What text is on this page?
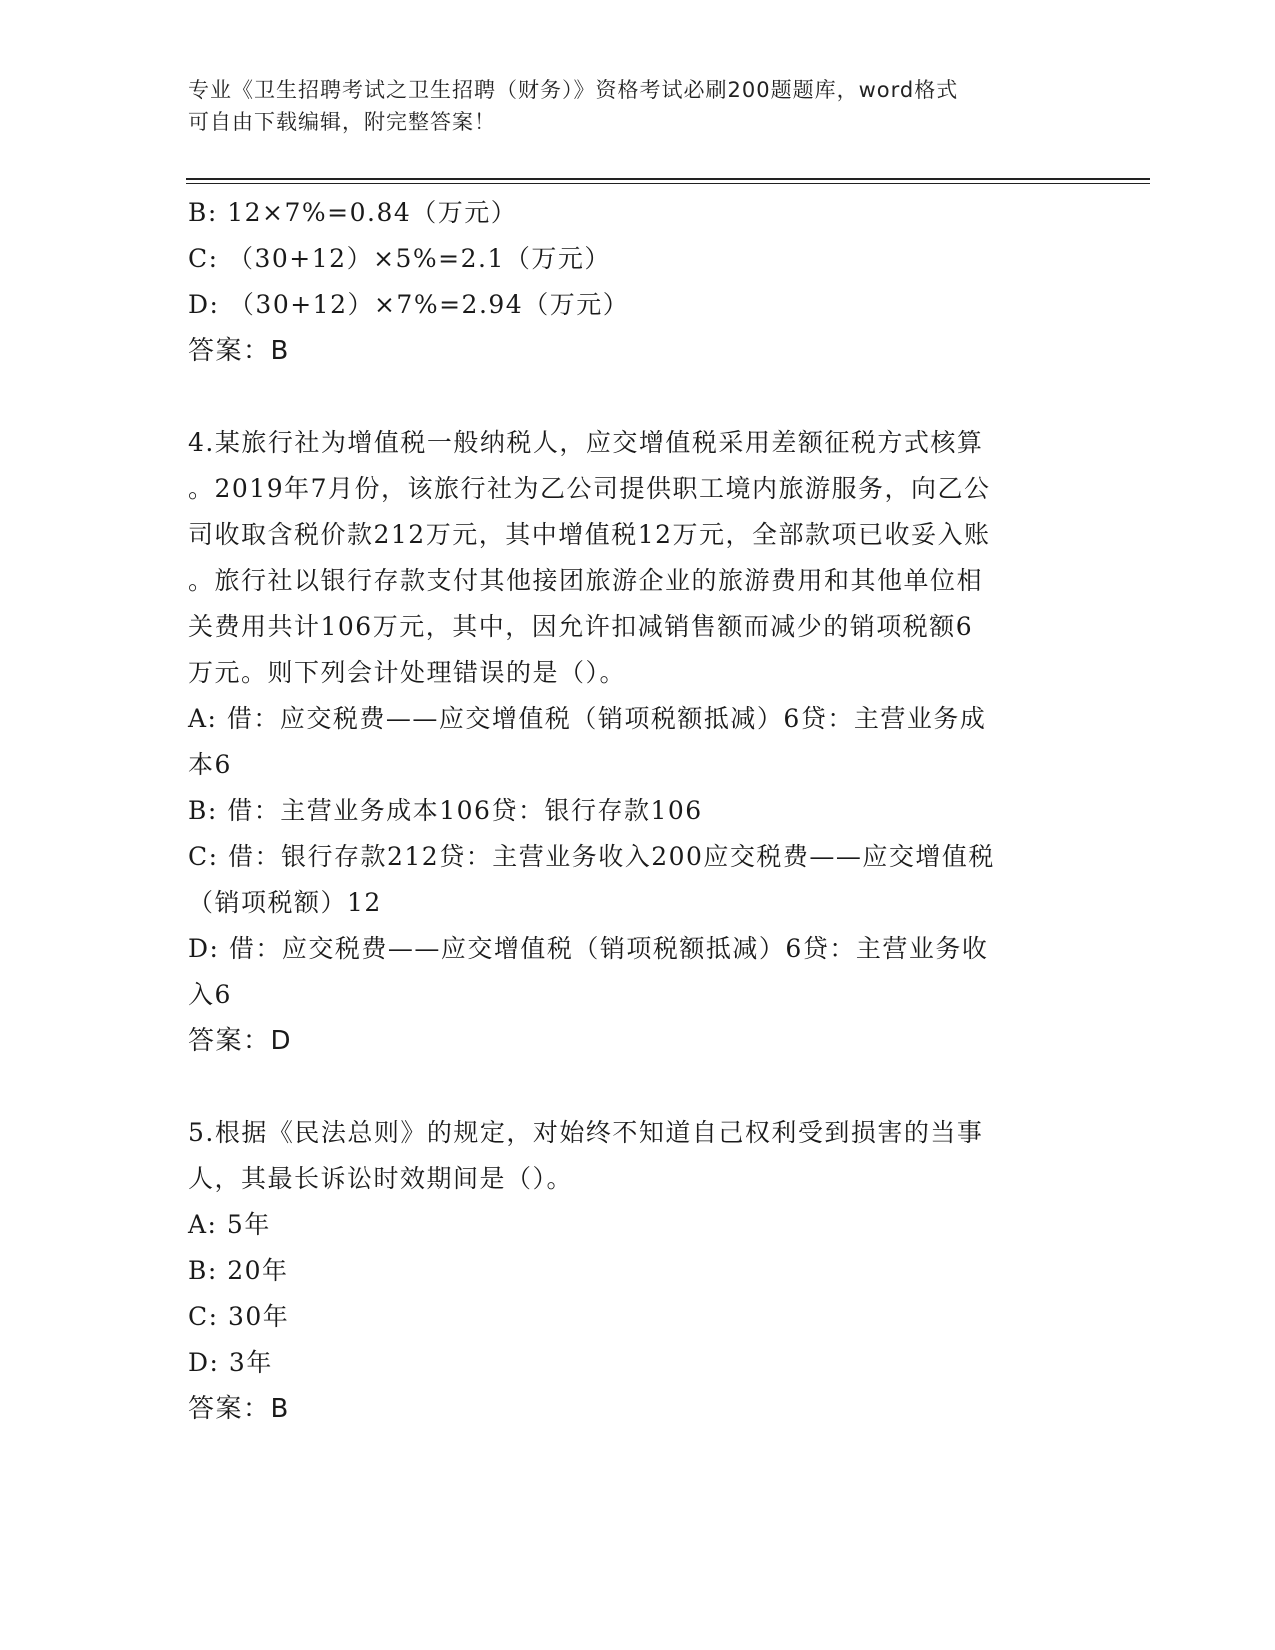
专业《卫生招聘考试之卫生招聘（财务）》资格考试必刷200题题库，word格式
可自由下载编辑，附完整答案！
B: 12×7%=0.84（万元）
C: （30+12）×5%=2.1（万元）
D: （30+12）×7%=2.94（万元）
答案：B
4.某旅行社为增值税一般纳税人，应交增值税采用差额征税方式核算
。2019年7月份，该旅行社为乙公司提供职工境内旅游服务，向乙公
司收取含税价款212万元，其中增值税12万元，全部款项已收妥入账
。旅行社以银行存款支付其他接团旅游企业的旅游费用和其他单位相
关费用共计106万元，其中，因允许扣减销售额而减少的销项税额6
万元。则下列会计处理错误的是（）。
A: 借：应交税费——应交增值税（销项税额抵减）6贷：主营业务成
本6
B: 借：主营业务成本106贷：银行存款106
C: 借：银行存款212贷：主营业务收入200应交税费——应交增值税
（销项税额）12
D: 借：应交税费——应交增值税（销项税额抵减）6贷：主营业务收
入6
答案：D
5.根据《民法总则》的规定，对始终不知道自己权利受到损害的当事
人，其最长诉讼时效期间是（）。
A: 5年
B: 20年
C: 30年
D: 3年
答案：B
